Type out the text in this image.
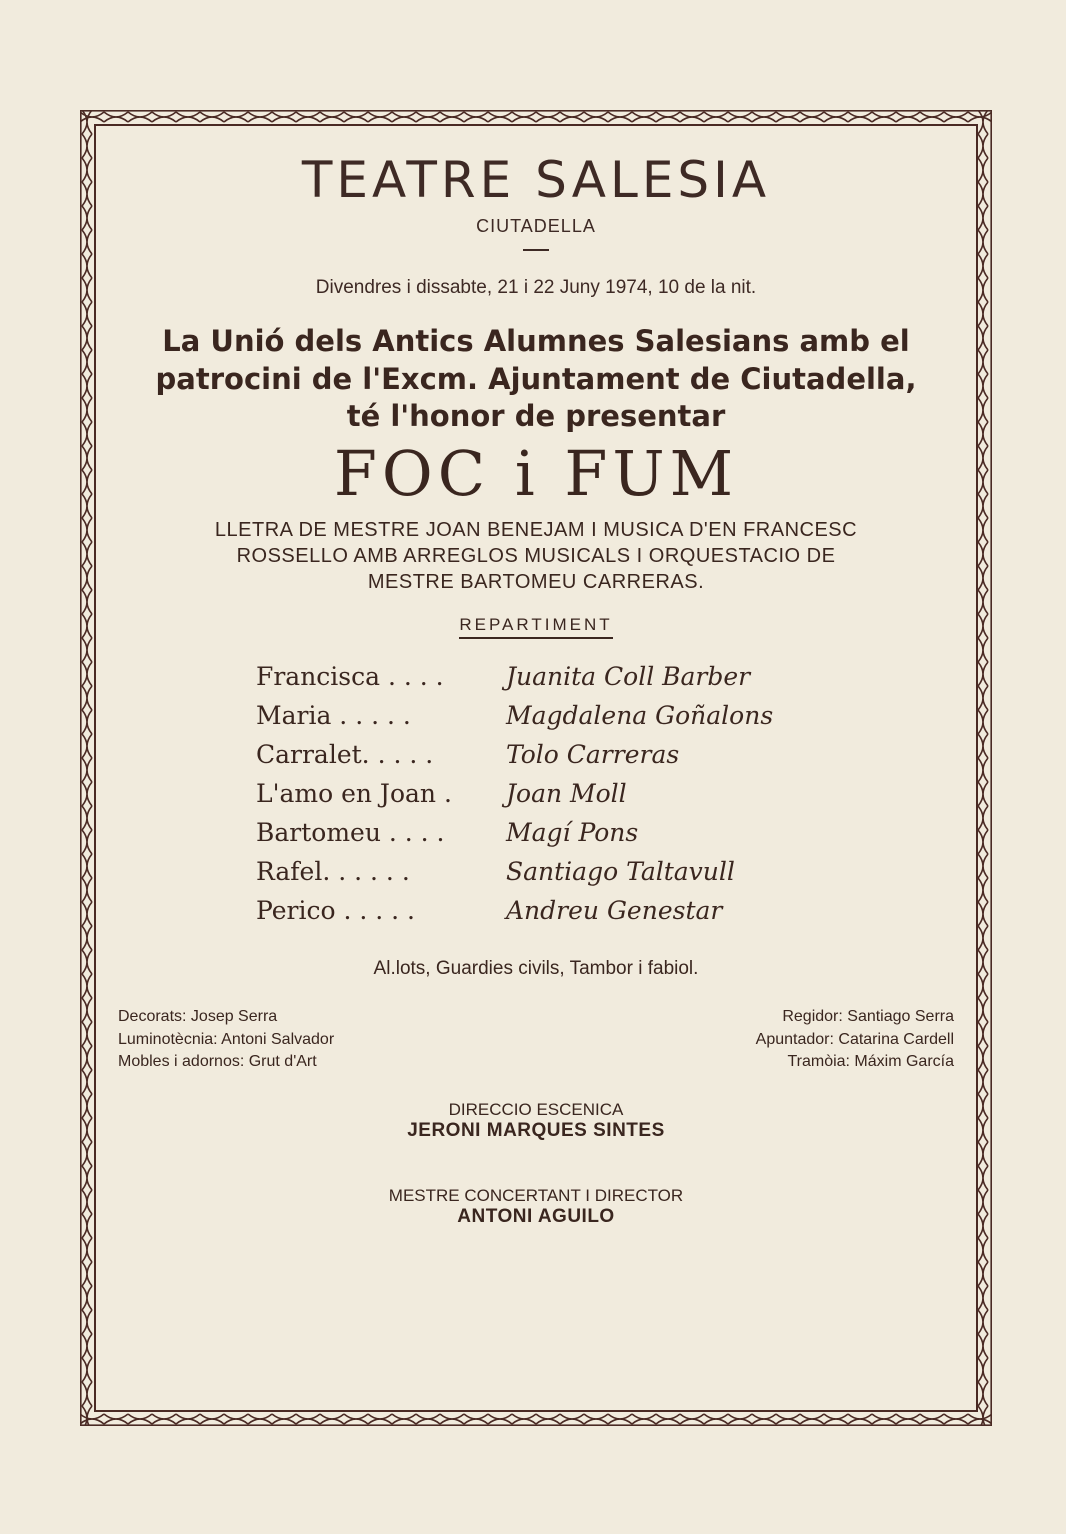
TEATRE SALESIA
CIUTADELLA
Divendres i dissabte, 21 i 22 Juny 1974, 10 de la nit.
La Unió dels Antics Alumnes Salesians amb el
patrocini de l'Excm. Ajuntament de Ciutadella,
té l'honor de presentar
FOC i FUM
LLETRA DE MESTRE JOAN BENEJAM I MUSICA D'EN FRANCESC
ROSSELLO AMB ARREGLOS MUSICALS I ORQUESTACIO DE
MESTRE BARTOMEU CARRERAS.
REPARTIMENT
Francisca . . . .	Juanita Coll Barber
Maria . . . . .	Magdalena Goñalons
Carralet. . . . .	Tolo Carreras
L'amo en Joan .	Joan Moll
Bartomeu . . . .	Magí Pons
Rafel. . . . . .	Santiago Taltavull
Perico . . . . .	Andreu Genestar
Al.lots, Guardies civils, Tambor i fabiol.
Decorats: Josep Serra
Luminotècnia: Antoni Salvador
Mobles i adornos: Grut d'Art
Regidor: Santiago Serra
Apuntador: Catarina Cardell
Tramòia: Máxim García
DIRECCIO ESCENICA
JERONI MARQUES SINTES
MESTRE CONCERTANT I DIRECTOR
ANTONI AGUILO
